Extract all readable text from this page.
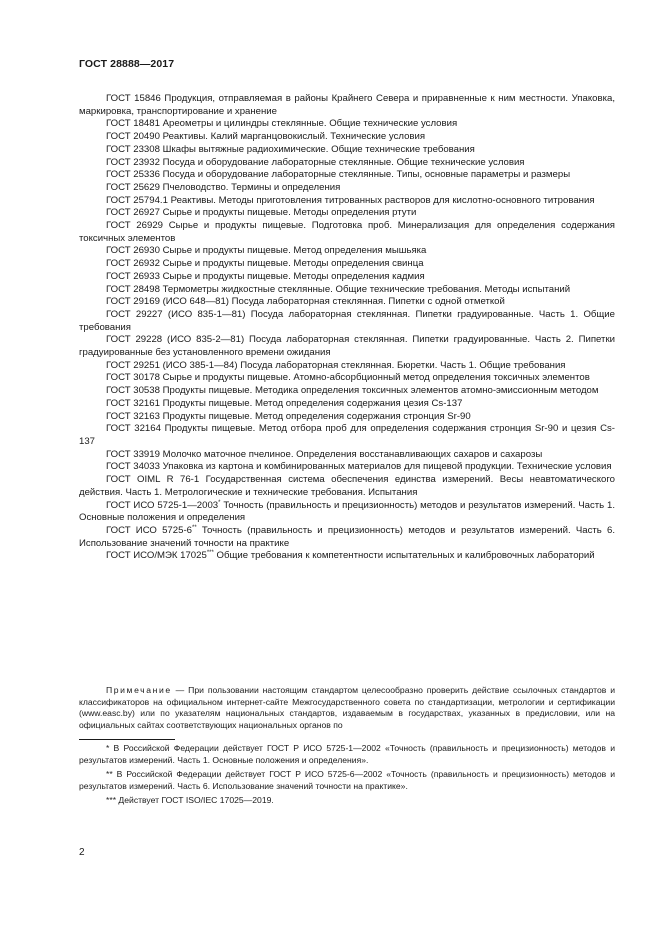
ГОСТ 28888—2017

ГОСТ 15846 Продукция, отправляемая в районы Крайнего Севера и приравненные к ним местности. Упаковка, маркировка, транспортирование и хранение

ГОСТ 18481 Ареометры и цилиндры стеклянные. Общие технические условия

ГОСТ 20490 Реактивы. Калий марганцовокислый. Технические условия

ГОСТ 23308 Шкафы вытяжные радиохимические. Общие технические требования

ГОСТ 23932 Посуда и оборудование лабораторные стеклянные. Общие технические условия

ГОСТ 25336 Посуда и оборудование лабораторные стеклянные. Типы, основные параметры и размеры

ГОСТ 25629 Пчеловодство. Термины и определения

ГОСТ 25794.1 Реактивы. Методы приготовления титрованных растворов для кислотно-основного титрования

ГОСТ 26927 Сырье и продукты пищевые. Методы определения ртути

ГОСТ 26929 Сырье и продукты пищевые. Подготовка проб. Минерализация для определения содержания токсичных элементов

ГОСТ 26930 Сырье и продукты пищевые. Метод определения мышьяка

ГОСТ 26932 Сырье и продукты пищевые. Методы определения свинца

ГОСТ 26933 Сырье и продукты пищевые. Методы определения кадмия

ГОСТ 28498 Термометры жидкостные стеклянные. Общие технические требования. Методы испытаний

ГОСТ 29169 (ИСО 648—81) Посуда лабораторная стеклянная. Пипетки с одной отметкой

ГОСТ 29227 (ИСО 835-1—81) Посуда лабораторная стеклянная. Пипетки градуированные. Часть 1. Общие требования

ГОСТ 29228 (ИСО 835-2—81) Посуда лабораторная стеклянная. Пипетки градуированные. Часть 2. Пипетки градуированные без установленного времени ожидания

ГОСТ 29251 (ИСО 385-1—84) Посуда лабораторная стеклянная. Бюретки. Часть 1. Общие требования

ГОСТ 30178 Сырье и продукты пищевые. Атомно-абсорбционный метод определения токсичных элементов

ГОСТ 30538 Продукты пищевые. Методика определения токсичных элементов атомно-эмиссионным методом

ГОСТ 32161 Продукты пищевые. Метод определения содержания цезия Cs-137

ГОСТ 32163 Продукты пищевые. Метод определения содержания стронция Sr-90

ГОСТ 32164 Продукты пищевые. Метод отбора проб для определения содержания стронция Sr-90 и цезия Cs-137

ГОСТ 33919 Молочко маточное пчелиное. Определения восстанавливающих сахаров и сахарозы

ГОСТ 34033 Упаковка из картона и комбинированных материалов для пищевой продукции. Технические условия

ГОСТ OIML R 76-1 Государственная система обеспечения единства измерений. Весы неавтоматического действия. Часть 1. Метрологические и технические требования. Испытания

ГОСТ ИСО 5725-1—2003* Точность (правильность и прецизионность) методов и результатов измерений. Часть 1. Основные положения и определения

ГОСТ ИСО 5725-6** Точность (правильность и прецизионность) методов и результатов измерений. Часть 6. Использование значений точности на практике

ГОСТ ИСО/МЭК 17025*** Общие требования к компетентности испытательных и калибровочных лабораторий

Примечание — При пользовании настоящим стандартом целесообразно проверить действие ссылочных стандартов и классификаторов на официальном интернет-сайте Межгосударственного совета по стандартизации, метрологии и сертификации (www.easc.by) или по указателям национальных стандартов, издаваемым в государствах, указанных в предисловии, или на официальных сайтах соответствующих национальных органов по

* В Российской Федерации действует ГОСТ Р ИСО 5725-1—2002 «Точность (правильность и прецизионность) методов и результатов измерений. Часть 1. Основные положения и определения».

** В Российской Федерации действует ГОСТ Р ИСО 5725-6—2002 «Точность (правильность и прецизионность) методов и результатов измерений. Часть 6. Использование значений точности на практике».

*** Действует ГОСТ ISO/IEC 17025—2019.

2
